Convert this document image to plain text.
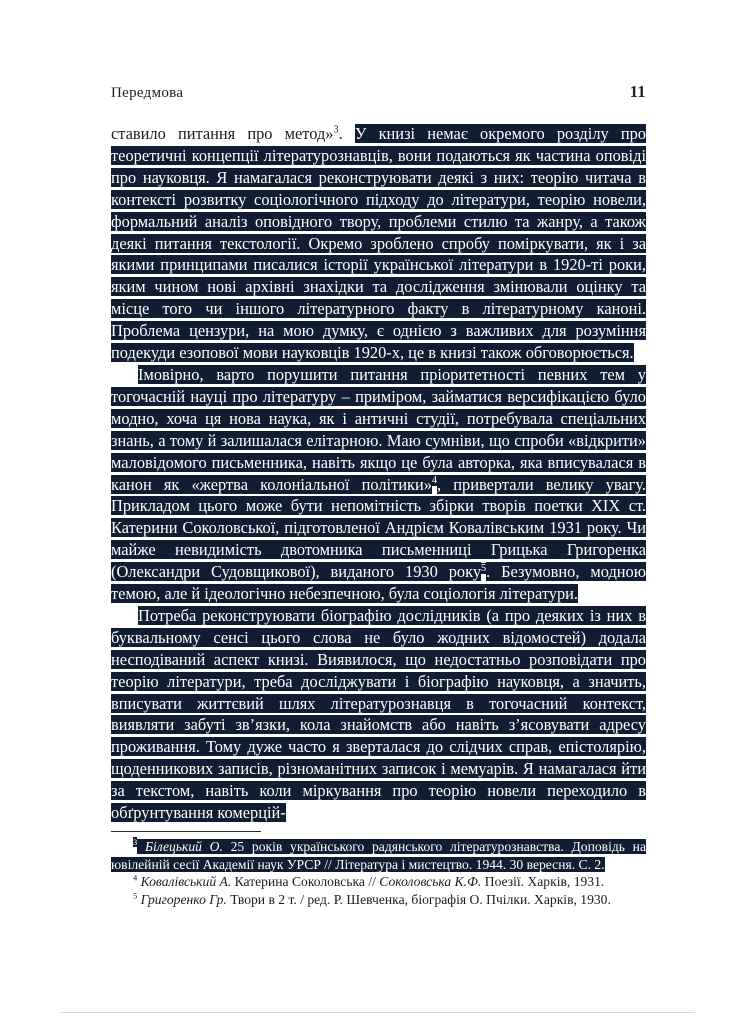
Передмова	11

ставило питання про метод»$^3$. У книзі немає окремого розділу про теоретичні концепції літературознавців, вони подаються як частина оповіді про науковця. Я намагалася реконструювати деякі з них: теорію читача в контексті розвитку соціологічного підходу до літератури, теорію новели, формальний аналіз оповідного твору, проблеми стилю та жанру, а також деякі питання текстології. Окремо зроблено спробу поміркувати, як і за якими принципами писалися історії української літератури в 1920-ті роки, яким чином нові архівні знахідки та дослідження змінювали оцінку та місце того чи іншого літературного факту в літературному каноні. Проблема цензури, на мою думку, є однією з важливих для розуміння подекуди езопової мови науковців 1920-х, це в книзі також обговорюється.

Імовірно, варто порушити питання пріоритетності певних тем у тогочасній науці про літературу – приміром, займатися версифікацією було модно, хоча ця нова наука, як і античні студії, потребувала спеціальних знань, а тому й залишалася елітарною. Маю сумніви, що спроби «відкрити» маловідомого письменника, навіть якщо це була авторка, яка вписувалася в канон як «жертва колоніальної політики»$^4$, привертали велику увагу. Прикладом цього може бути непомітність збірки творів поетки XIX ст. Катерини Соколовської, підготовленої Андрієм Ковалівським 1931 року. Чи майже невидимість двотомника письменниці Грицька Григоренка (Олександри Судовщикової), виданого 1930 року$^5$. Безумовно, модною темою, але й ідеологічно небезпечною, була соціологія літератури.

Потреба реконструювати біографію дослідників (а про деяких із них в буквальному сенсі цього слова не було жодних відомостей) додала несподіваний аспект книзі. Виявилося, що недостатньо розповідати про теорію літератури, треба досліджувати і біографію науковця, а значить, вписувати життєвий шлях літературознавця в тогочасний контекст, виявляти забуті зв’язки, кола знайомств або навіть з’ясовувати адресу проживання. Тому дуже часто я зверталася до слідчих справ, епістолярію, щоденникових записів, різноманітних записок і мемуарів. Я намагалася йти за текстом, навіть коли міркування про теорію новели переходило в обґрунтування комерцій-

$^3$ Білецький О. 25 років українського радянського літературознавства. Доповідь на ювілейній сесії Академії наук УРСР // Література і мистецтво. 1944. 30 вересня. С. 2.

$^4$ Ковалівський А. Катерина Соколовська // Соколовська К.Ф. Поезії. Харків, 1931.

$^5$ Григоренко Гр. Твори в 2 т. / ред. Р. Шевченка, біографія О. Пчілки. Харків, 1930.
